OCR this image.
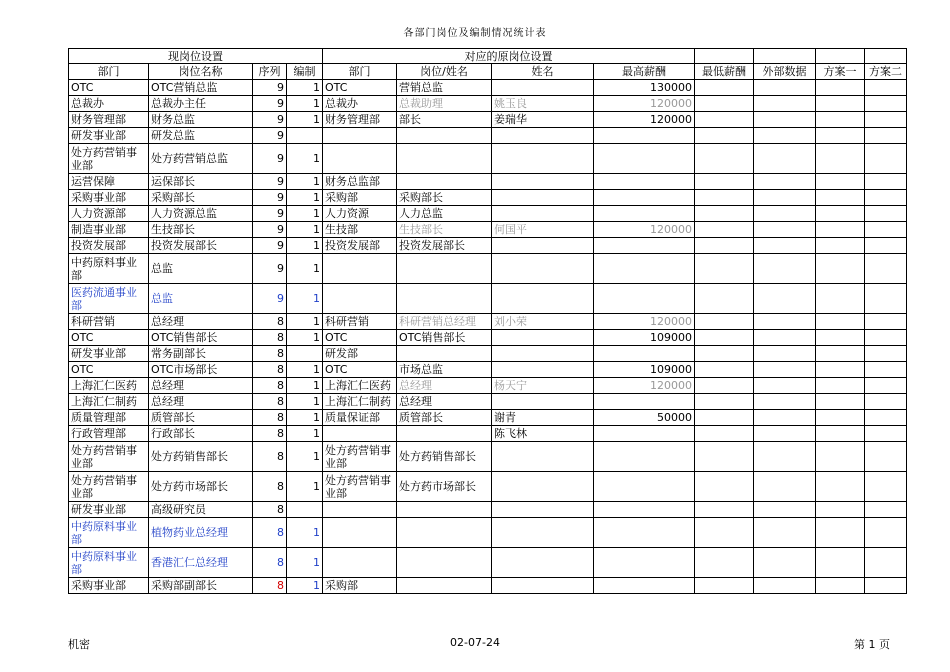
各部门岗位及编制情况统计表
现岗位设置				对应的原岗位设置							
部门	岗位名称	序列	编制	部门	岗位/姓名	姓名	最高薪酬	最低薪酬	外部数据	方案一	方案二
OTC	OTC营销总监	9	1	OTC	营销总监		130000				
总裁办	总裁办主任	9	1	总裁办	总裁助理	姚玉良	120000				
财务管理部	财务总监	9	1	财务管理部	部长	姜瑞华	120000				
研发事业部	研发总监	9									
处方药营销事业部	处方药营销总监	9	1								
运营保障	运保部长	9	1	财务总监部							
采购事业部	采购部长	9	1	采购部	采购部长						
人力资源部	人力资源总监	9	1	人力资源	人力总监						
制造事业部	生技部长	9	1	生技部	生技部长	何国平	120000				
投资发展部	投资发展部长	9	1	投资发展部	投资发展部长						
中药原料事业部	总监	9	1								
医药流通事业部	总监	9	1								
科研营销	总经理	8	1	科研营销	科研营销总经理	刘小荣	120000				
OTC	OTC销售部长	8	1	OTC	OTC销售部长		109000				
研发事业部	常务副部长	8		研发部							
OTC	OTC市场部长	8	1	OTC	市场总监		109000				
上海汇仁医药	总经理	8	1	上海汇仁医药	总经理	杨天宁	120000				
上海汇仁制药	总经理	8	1	上海汇仁制药	总经理						
质量管理部	质管部长	8	1	质量保证部	质管部长	谢青	50000				
行政管理部	行政部长	8	1			陈飞林					
处方药营销事业部	处方药销售部长	8	1	处方药营销事业部	处方药销售部长						
处方药营销事业部	处方药市场部长	8	1	处方药营销事业部	处方药市场部长						
研发事业部	高级研究员	8									
中药原料事业部	植物药业总经理	8	1								
中药原料事业部	香港汇仁总经理	8	1								
采购事业部	采购部副部长	8	1	采购部							
机密	02-07-24	第 1 页
